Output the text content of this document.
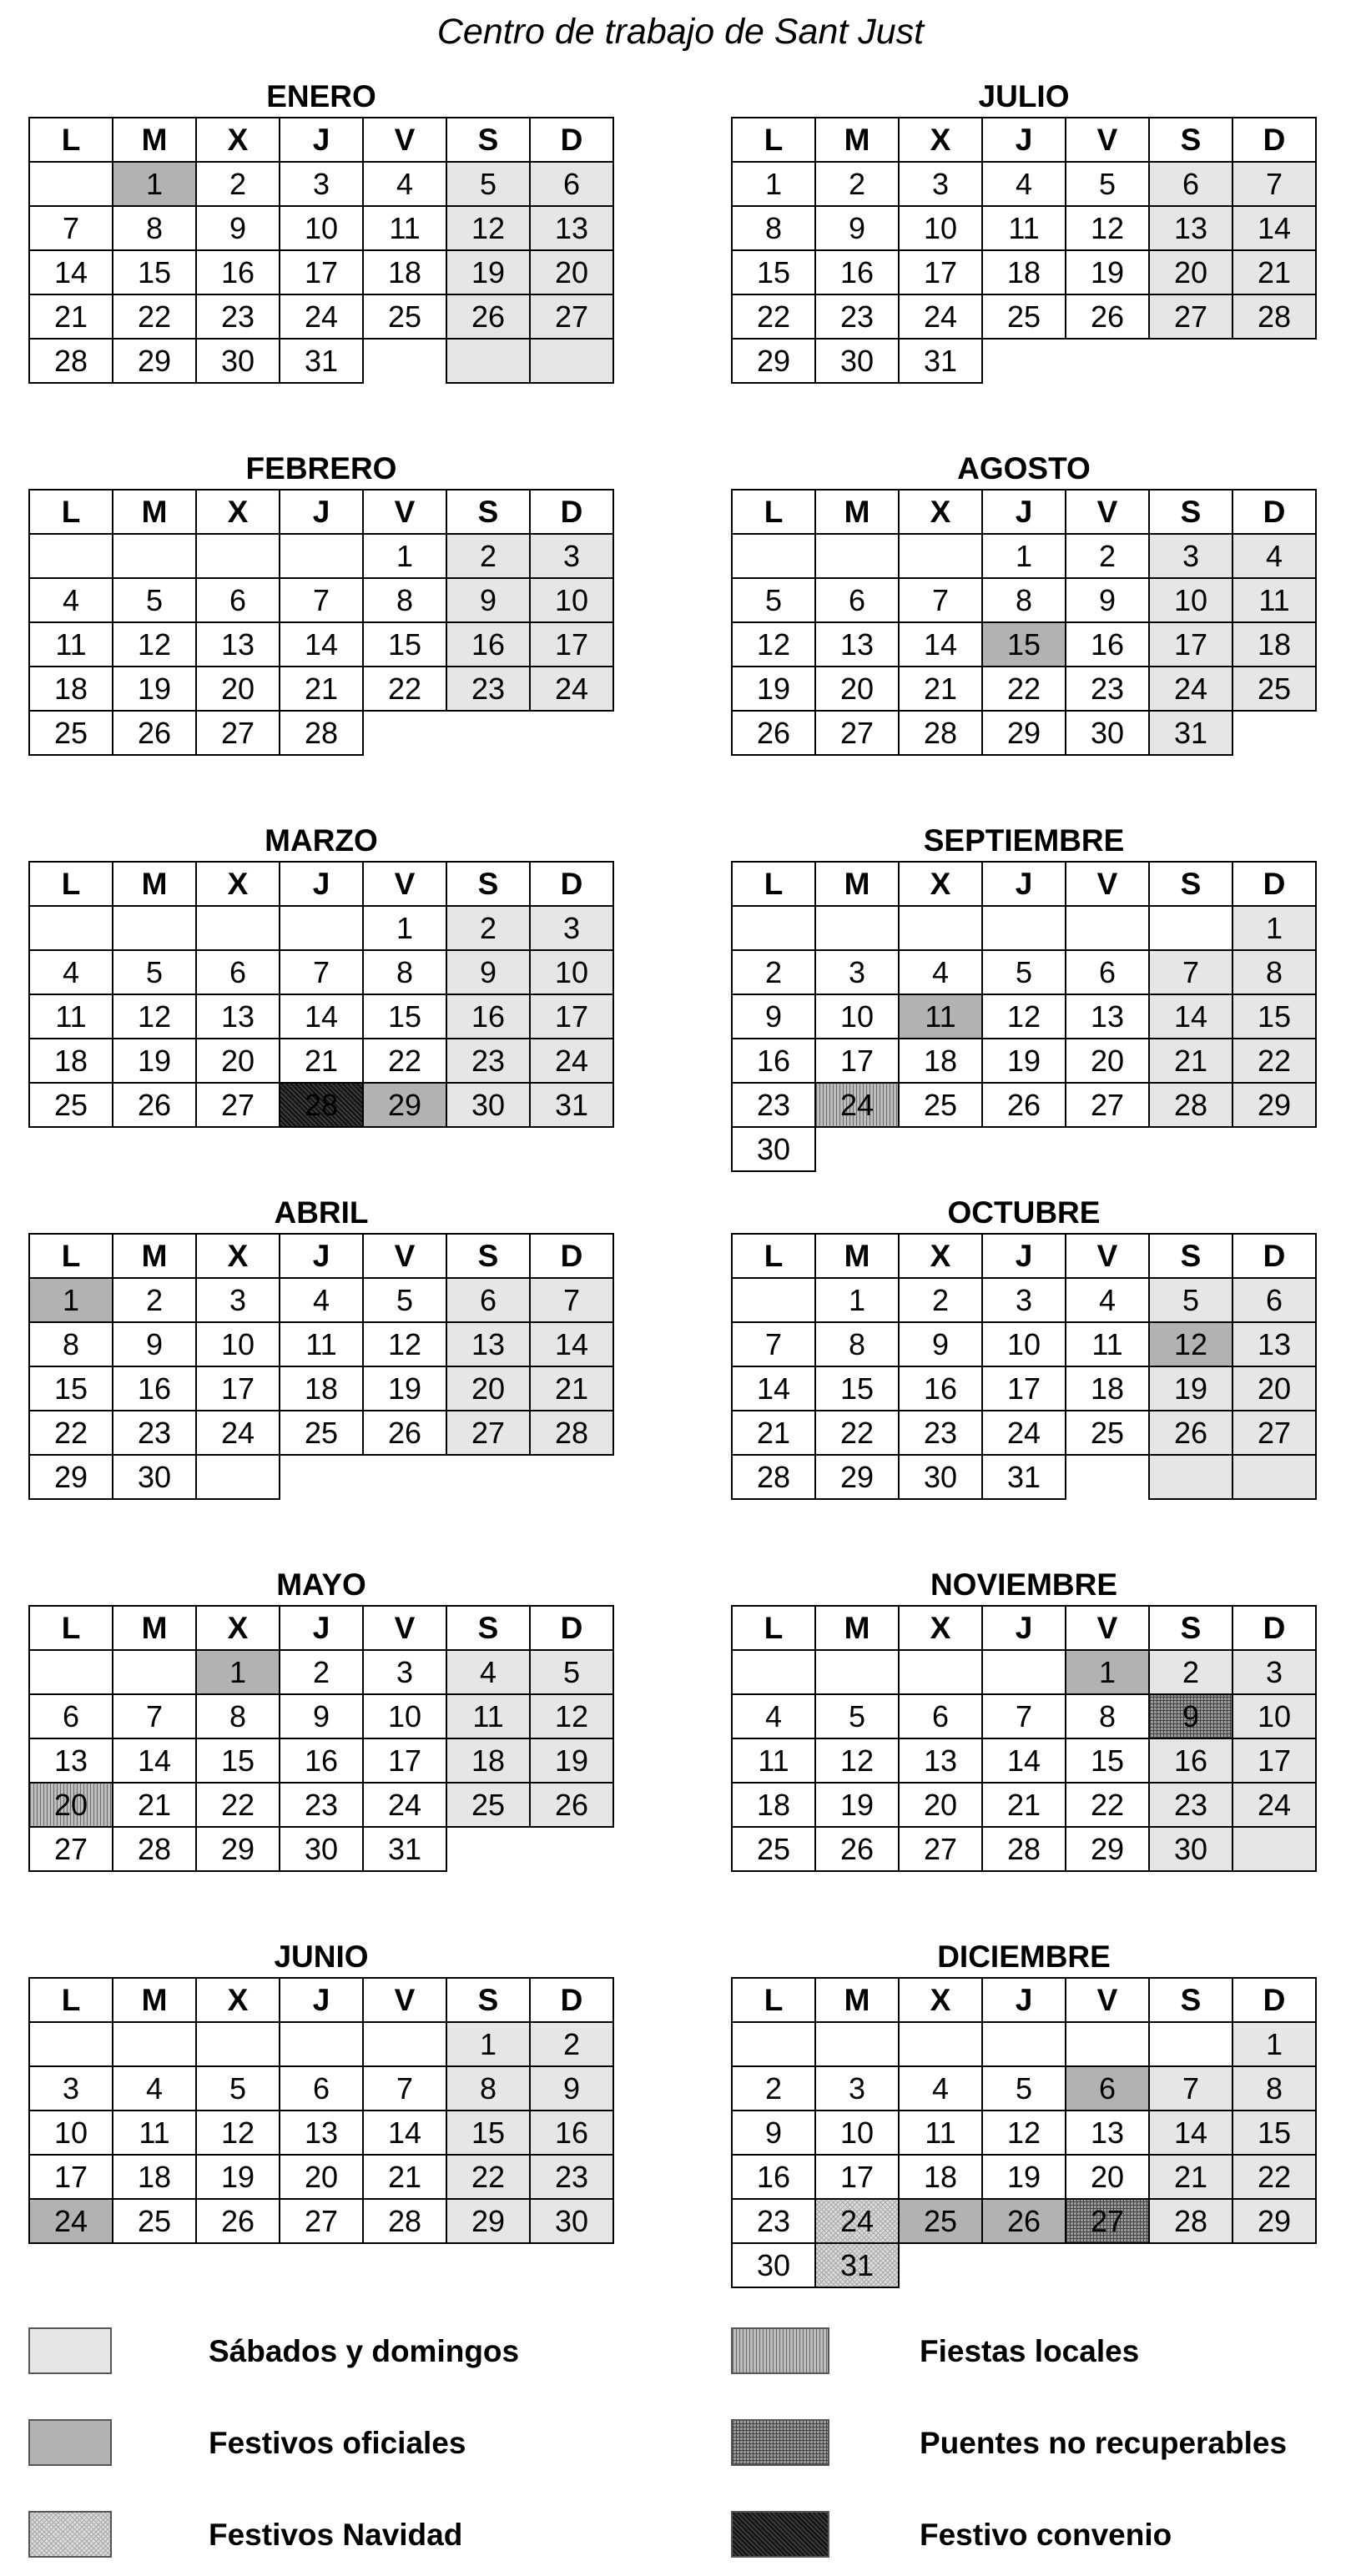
Centro de trabajo de Sant Just
ENERO
L	M	X	J	V	S	D
	1	2	3	4	5	6
7	8	9	10	11	12	13
14	15	16	17	18	19	20
21	22	23	24	25	26	27
28	29	30	31			
FEBRERO
L	M	X	J	V	S	D
				1	2	3
4	5	6	7	8	9	10
11	12	13	14	15	16	17
18	19	20	21	22	23	24
25	26	27	28			
MARZO
L	M	X	J	V	S	D
				1	2	3
4	5	6	7	8	9	10
11	12	13	14	15	16	17
18	19	20	21	22	23	24
25	26	27	28	29	30	31
ABRIL
L	M	X	J	V	S	D
1	2	3	4	5	6	7
8	9	10	11	12	13	14
15	16	17	18	19	20	21
22	23	24	25	26	27	28
29	30					
MAYO
L	M	X	J	V	S	D
		1	2	3	4	5
6	7	8	9	10	11	12
13	14	15	16	17	18	19
20	21	22	23	24	25	26
27	28	29	30	31		
JUNIO
L	M	X	J	V	S	D
					1	2
3	4	5	6	7	8	9
10	11	12	13	14	15	16
17	18	19	20	21	22	23
24	25	26	27	28	29	30
JULIO
L	M	X	J	V	S	D
1	2	3	4	5	6	7
8	9	10	11	12	13	14
15	16	17	18	19	20	21
22	23	24	25	26	27	28
29	30	31				
AGOSTO
L	M	X	J	V	S	D
			1	2	3	4
5	6	7	8	9	10	11
12	13	14	15	16	17	18
19	20	21	22	23	24	25
26	27	28	29	30	31	
SEPTIEMBRE
L	M	X	J	V	S	D
						1
2	3	4	5	6	7	8
9	10	11	12	13	14	15
16	17	18	19	20	21	22
23	24	25	26	27	28	29
30						
OCTUBRE
L	M	X	J	V	S	D
	1	2	3	4	5	6
7	8	9	10	11	12	13
14	15	16	17	18	19	20
21	22	23	24	25	26	27
28	29	30	31			
NOVIEMBRE
L	M	X	J	V	S	D
				1	2	3
4	5	6	7	8	9	10
11	12	13	14	15	16	17
18	19	20	21	22	23	24
25	26	27	28	29	30	
DICIEMBRE
L	M	X	J	V	S	D
						1
2	3	4	5	6	7	8
9	10	11	12	13	14	15
16	17	18	19	20	21	22
23	24	25	26	27	28	29
30	31					
Sábados y domingos	Fiestas locales
Festivos oficiales	Puentes no recuperables
Festivos Navidad	Festivo convenio
